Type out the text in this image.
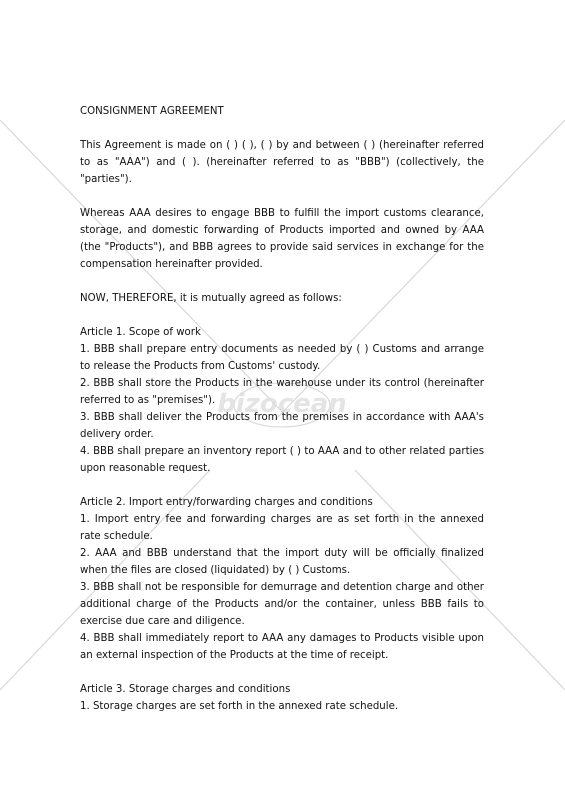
bizocean

CONSIGNMENT AGREEMENT

This Agreement is made on ( ) ( ), ( ) by and between ( ) (hereinafter referred to as "AAA") and ( ). (hereinafter referred to as "BBB") (collectively, the "parties").

Whereas AAA desires to engage BBB to fulfill the import customs clearance, storage, and domestic forwarding of Products imported and owned by AAA (the "Products"), and BBB agrees to provide said services in exchange for the compensation hereinafter provided.

NOW, THEREFORE, it is mutually agreed as follows:

Article 1. Scope of work

1. BBB shall prepare entry documents as needed by ( ) Customs and arrange to release the Products from Customs' custody.

2. BBB shall store the Products in the warehouse under its control (hereinafter referred to as "premises").

3. BBB shall deliver the Products from the premises in accordance with AAA's delivery order.

4. BBB shall prepare an inventory report ( ) to AAA and to other related parties upon reasonable request.

Article 2. Import entry/forwarding charges and conditions

1. Import entry fee and forwarding charges are as set forth in the annexed rate schedule.

2. AAA and BBB understand that the import duty will be officially finalized when the files are closed (liquidated) by ( ) Customs.

3. BBB shall not be responsible for demurrage and detention charge and other additional charge of the Products and/or the container, unless BBB fails to exercise due care and diligence.

4. BBB shall immediately report to AAA any damages to Products visible upon an external inspection of the Products at the time of receipt.

Article 3. Storage charges and conditions

1. Storage charges are set forth in the annexed rate schedule.
